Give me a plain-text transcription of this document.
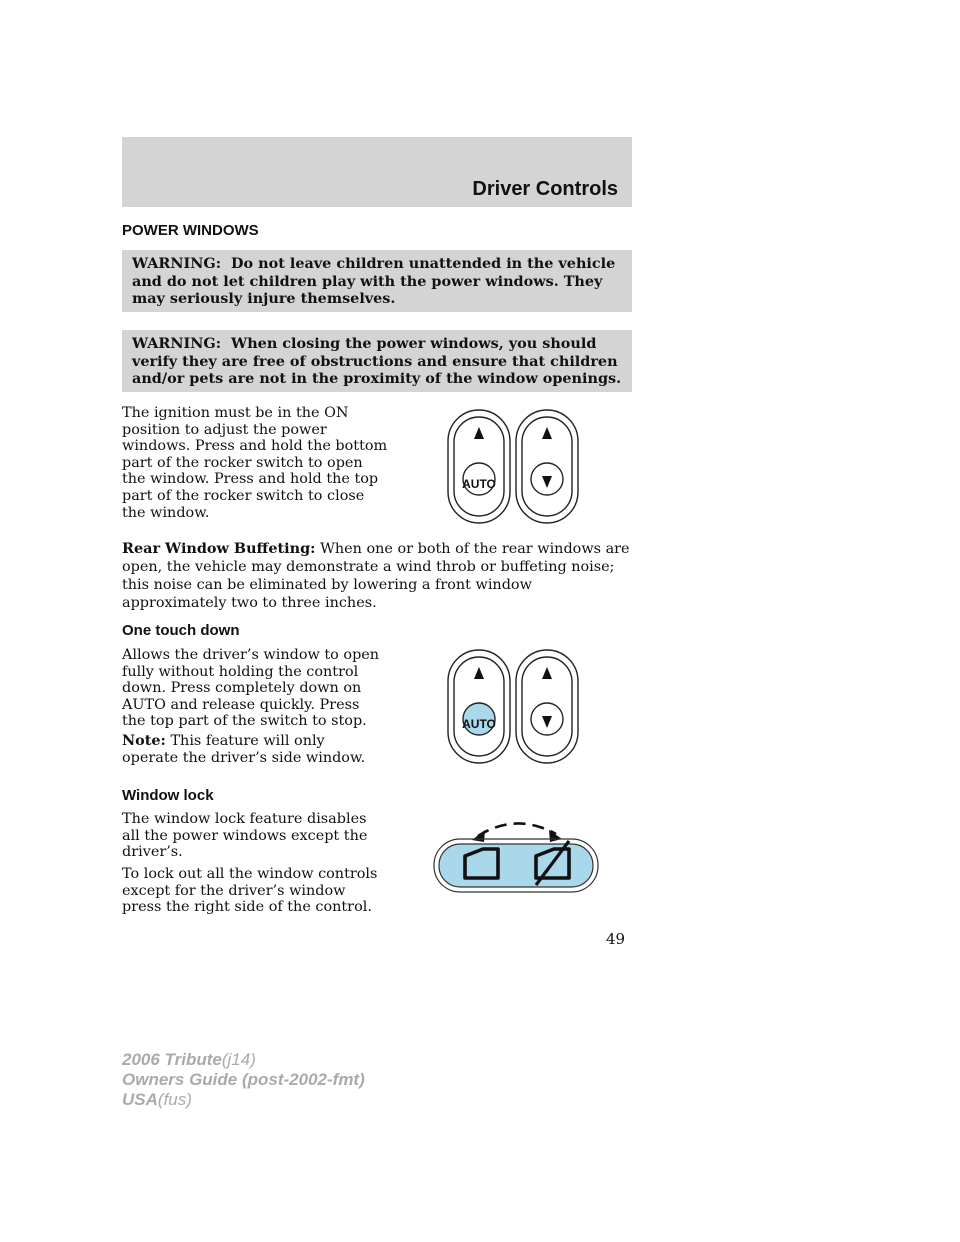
Driver Controls
POWER WINDOWS
WARNING: Do not leave children unattended in the vehicle and do not let children play with the power windows. They may seriously injure themselves.
WARNING: When closing the power windows, you should verify they are free of obstructions and ensure that children and/or pets are not in the proximity of the window openings.

The ignition must be in the ON position to adjust the power windows. Press and hold the bottom part of the rocker switch to open the window. Press and hold the top part of the rocker switch to close the window.

AUTO

Rear Window Buffeting: When one or both of the rear windows are open, the vehicle may demonstrate a wind throb or buffeting noise; this noise can be eliminated by lowering a front window approximately two to three inches.

One touch down

Allows the driver’s window to open fully without holding the control down. Press completely down on AUTO and release quickly. Press the top part of the switch to stop.

Note: This feature will only operate the driver’s side window.

AUTO
Window lock

The window lock feature disables all the power windows except the driver’s.

To lock out all the window controls except for the driver’s window press the right side of the control.

49
2006 Tribute(j14)
Owners Guide (post-2002-fmt)
USA(fus)
